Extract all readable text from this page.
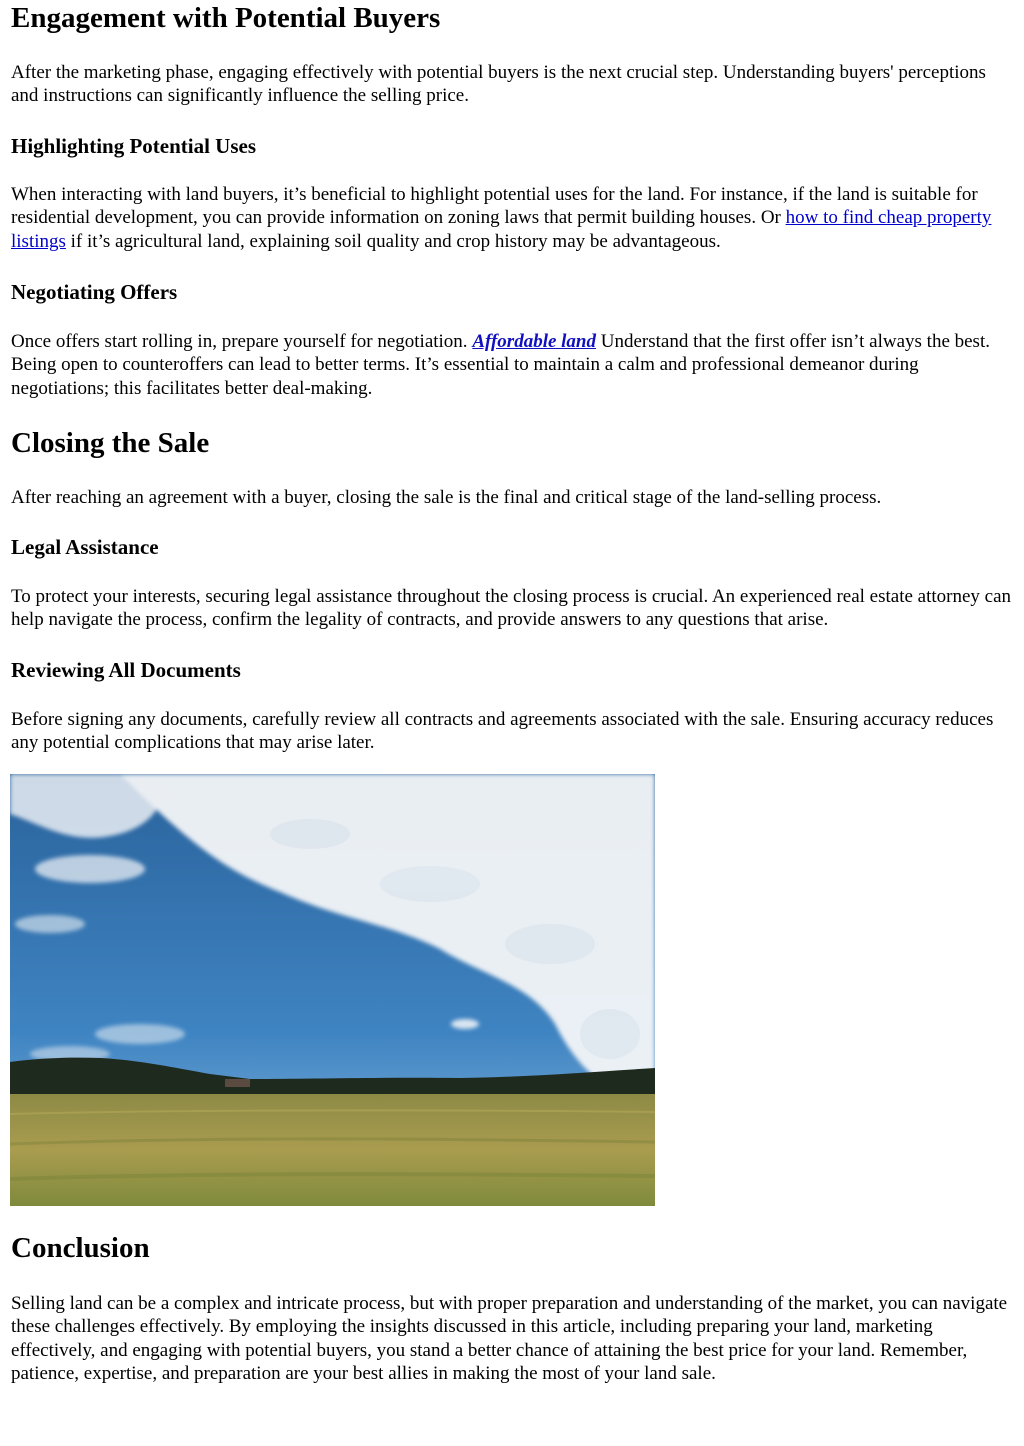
Engagement with Potential Buyers

After the marketing phase, engaging effectively with potential buyers is the next crucial step. Understanding buyers' perceptions and instructions can significantly influence the selling price.

Highlighting Potential Uses

When interacting with land buyers, it’s beneficial to highlight potential uses for the land. For instance, if the land is suitable for residential development, you can provide information on zoning laws that permit building houses. Or how to find cheap property listings if it’s agricultural land, explaining soil quality and crop history may be advantageous.

Negotiating Offers

Once offers start rolling in, prepare yourself for negotiation. Affordable land Understand that the first offer isn’t always the best. Being open to counteroffers can lead to better terms. It’s essential to maintain a calm and professional demeanor during negotiations; this facilitates better deal-making.

Closing the Sale

After reaching an agreement with a buyer, closing the sale is the final and critical stage of the land-selling process.

Legal Assistance

To protect your interests, securing legal assistance throughout the closing process is crucial. An experienced real estate attorney can help navigate the process, confirm the legality of contracts, and provide answers to any questions that arise.

Reviewing All Documents

Before signing any documents, carefully review all contracts and agreements associated with the sale. Ensuring accuracy reduces any potential complications that may arise later.

Conclusion

Selling land can be a complex and intricate process, but with proper preparation and understanding of the market, you can navigate these challenges effectively. By employing the insights discussed in this article, including preparing your land, marketing effectively, and engaging with potential buyers, you stand a better chance of attaining the best price for your land. Remember, patience, expertise, and preparation are your best allies in making the most of your land sale.
